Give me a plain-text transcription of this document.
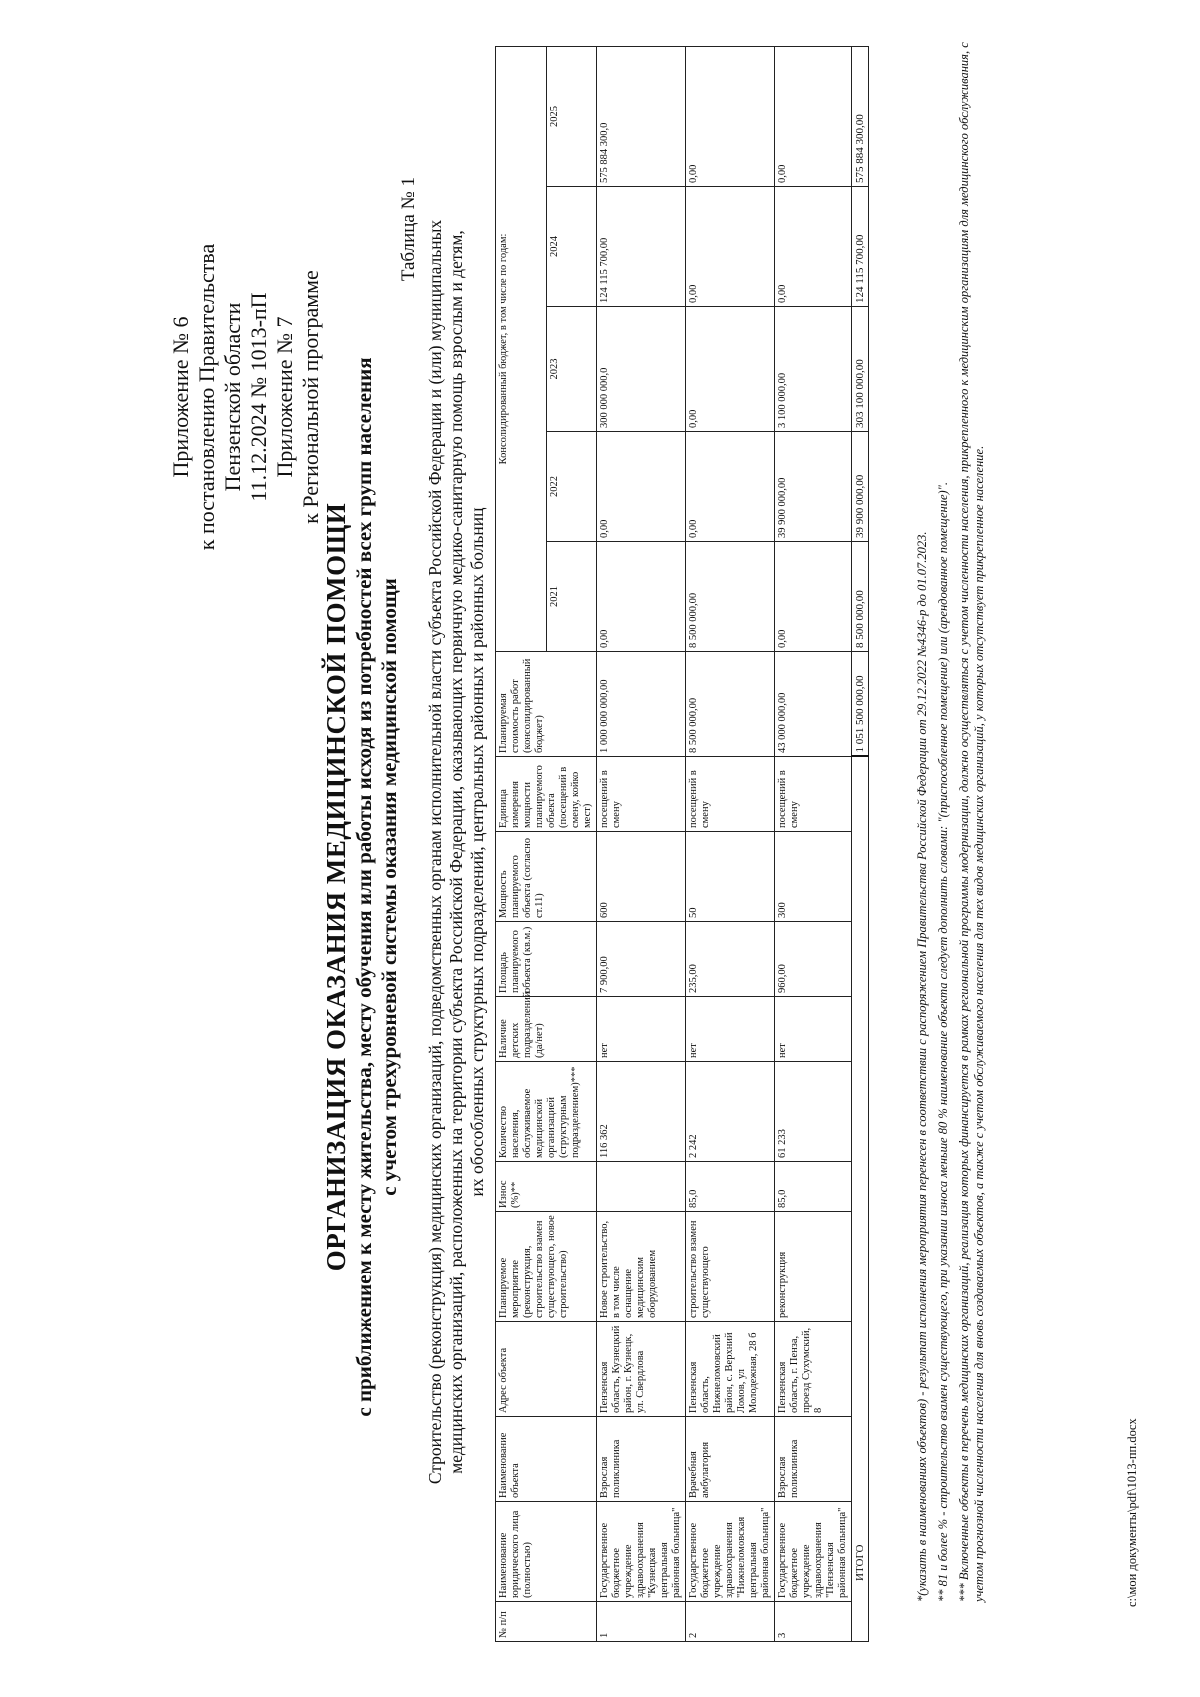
Приложение № 6 к постановлению Правительства Пензенской области 11.12.2024 № 1013-пП Приложение № 7 к Региональной программе
ОРГАНИЗАЦИЯ ОКАЗАНИЯ МЕДИЦИНСКОЙ ПОМОЩИ с приближением к месту жительства, месту обучения или работы исходя из потребностей всех групп населения с учетом трехуровневой системы оказания медицинской помощи
Таблица № 1 Строительство (реконструкция) медицинских организаций, подведомственных органам исполнительной власти субъекта Российской Федерации и (или) муниципальных медицинских организаций, расположенных на территории субъекта Российской Федерации, оказывающих первичную медико-санитарную помощь взрослым и детям, их обособленных структурных подразделений, центральных районных и районных больниц
№ п/п	Наименование юридического лица (полностью)	Наименование объекта	Адрес объекта	Планируемое мероприятие (реконструкция, строительство взамен существующего, новое строительство)	Износ (%)**	Количество населения, обслуживаемое медицинской организацией (структурным подразделением)***	Наличие детских подразделений (да/нет)	Площадь планируемого объекта (кв.м.)	Мощность планируемого объекта (согласно ст.11)	Единица измерения мощности планируемого объекта (посещений в смену, койко мест)	Планируемая стоимость работ (консолидированный бюджет)	Консолидированный бюджет, в том числе по годам:				
												2021	2022	2023	2024	2025
1	Государственное бюджетное учреждение здравоохранения "Кузнецкая центральная районная больница"	Взрослая поликлиника	Пензенская область, Кузнецкий район, г. Кузнецк, ул. Свердлова	Новое строительство, в том числе оснащение медицинским оборудованием		116 362	нет	7 900,00	600	посещений в смену	1 000 000 000,00	0,00	0,00	300 000 000,0	124 115 700,00	575 884 300,0
2	Государственное бюджетное учреждение здравоохранения "Нижнеломовская центральная районная больница"	Врачебная амбулатория	Пензенская область, Нижнеломовский район, с. Верхний Ломов, ул Молодежная, 28 б	строительство взамен существующего	85,0	2 242	нет	235,00	50	посещений в смену	8 500 000,00	8 500 000,00	0,00	0,00	0,00	0,00
3	Государственное бюджетное учреждение здравоохранения "Пензенская районная больница"	Взрослая поликлиника	Пензенская область, г. Пенза, проезд Сухумский, 8	реконструкция	85,0	61 233	нет	960,00	300	посещений в смену	43 000 000,00	0,00	39 900 000,00	3 100 000,00	0,00	0,00
ИТОГО											1 051 500 000,00	8 500 000,00	39 900 000,00	303 100 000,00	124 115 700,00	575 884 300,00

*(указать в наименованиях объектов) - результат исполнения мероприятия перенесен в соответствии с распоряжением Правительства Российской Федерации от 29.12.2022 №4346-р до 01.07.2023. ** 81 и более % - строительство взамен существующего, при указании износа меньше 80 % наименование объекта следует дополнить словами: "(приспособленное помещение) или (арендованное помещение)". *** Включенные объекты в перечень медицинских организаций, реализация которых финансируется в рамках региональной программы модернизации, должно осуществляться с учетом численности населения, прикрепленного к медицинским организациям для медицинского обслуживания, с учетом прогнозной численности населения для вновь создаваемых объектов, а также с учетом обслуживаемого населения для тех видов медицинских организаций, у которых отсутствует прикрепленное население.	c:\мои документы\pdf\1013-пп.docx
